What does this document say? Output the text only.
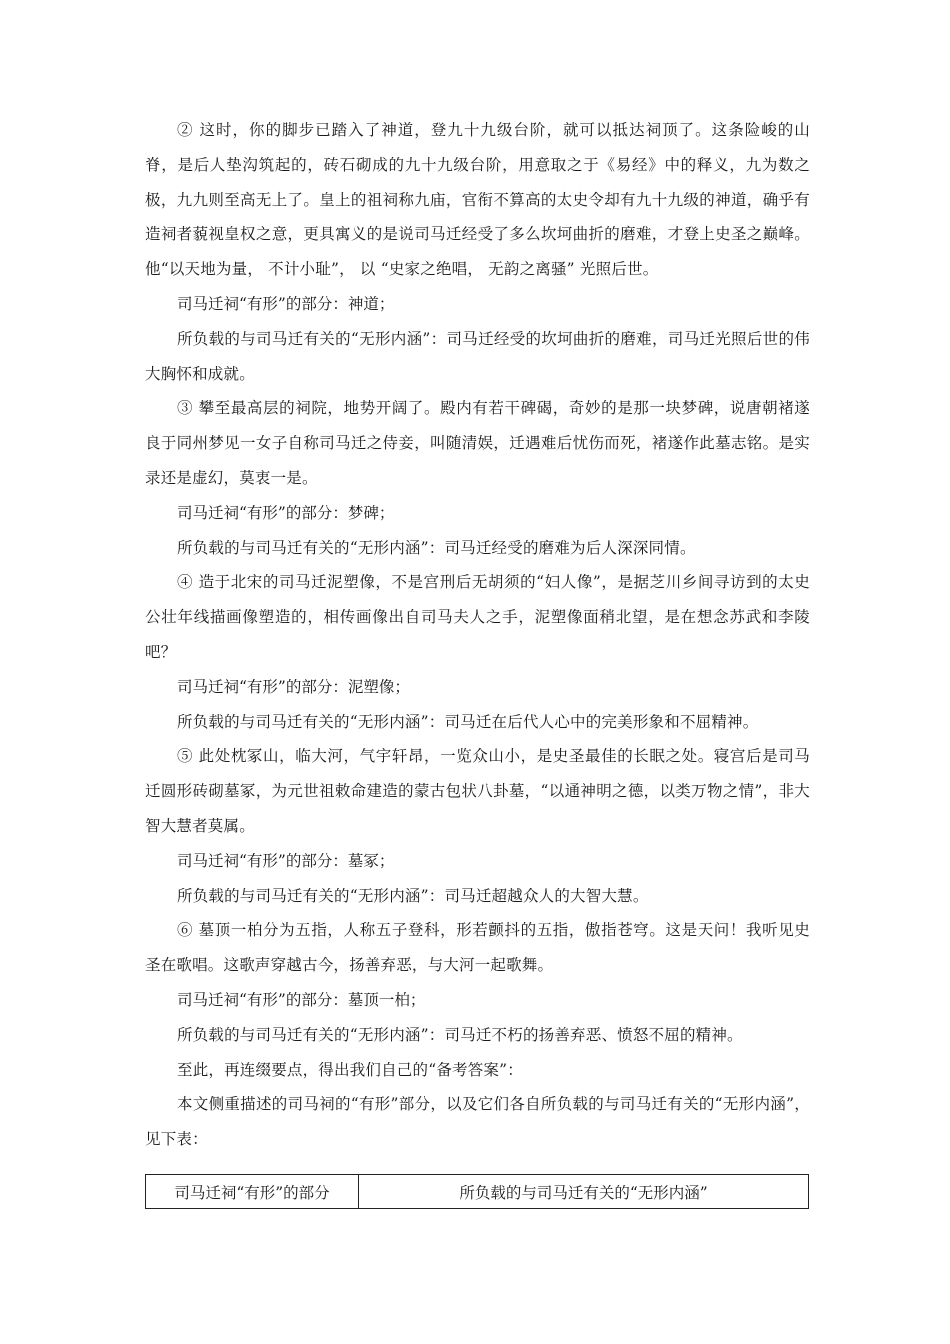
② 这时，你的脚步已踏入了神道，登九十九级台阶，就可以抵达祠顶了。这条险峻的山脊，是后人垫沟筑起的，砖石砌成的九十九级台阶，用意取之于《易经》中的释义，九为数之极，九九则至高无上了。皇上的祖祠称九庙，官衔不算高的太史令却有九十九级的神道，确乎有造祠者藐视皇权之意，更具寓义的是说司马迁经受了多么坎坷曲折的磨难，才登上史圣之巅峰。他“以天地为量， 不计小耻”， 以 “史家之绝唱， 无韵之离骚” 光照后世。

司马迁祠“有形”的部分：神道；

所负载的与司马迁有关的“无形内涵”：司马迁经受的坎坷曲折的磨难，司马迁光照后世的伟大胸怀和成就。

③ 攀至最高层的祠院，地势开阔了。殿内有若干碑碣，奇妙的是那一块梦碑，说唐朝褚遂良于同州梦见一女子自称司马迁之侍妾，叫随清娱，迁遇难后忧伤而死，褚遂作此墓志铭。是实录还是虚幻，莫衷一是。

司马迁祠“有形”的部分：梦碑；

所负载的与司马迁有关的“无形内涵”：司马迁经受的磨难为后人深深同情。

④ 造于北宋的司马迁泥塑像，不是宫刑后无胡须的“妇人像”，是据芝川乡间寻访到的太史公壮年线描画像塑造的，相传画像出自司马夫人之手，泥塑像面稍北望，是在想念苏武和李陵吧？

司马迁祠“有形”的部分：泥塑像；

所负载的与司马迁有关的“无形内涵”：司马迁在后代人心中的完美形象和不屈精神。

⑤ 此处枕冢山，临大河，气宇轩昂，一览众山小，是史圣最佳的长眠之处。寝宫后是司马迁圆形砖砌墓冢，为元世祖敕命建造的蒙古包状八卦墓，“以通神明之德，以类万物之情”，非大智大慧者莫属。

司马迁祠“有形”的部分：墓冢；

所负载的与司马迁有关的“无形内涵”：司马迁超越众人的大智大慧。

⑥ 墓顶一柏分为五指，人称五子登科，形若颤抖的五指，傲指苍穹。这是天问！我听见史圣在歌唱。这歌声穿越古今，扬善弃恶，与大河一起歌舞。

司马迁祠“有形”的部分：墓顶一柏；

所负载的与司马迁有关的“无形内涵”：司马迁不朽的扬善弃恶、愤怒不屈的精神。

至此，再连缀要点，得出我们自己的“备考答案”：

本文侧重描述的司马祠的“有形”部分，以及它们各自所负载的与司马迁有关的“无形内涵”，见下表：

司马迁祠“有形”的部分	所负载的与司马迁有关的“无形内涵”
